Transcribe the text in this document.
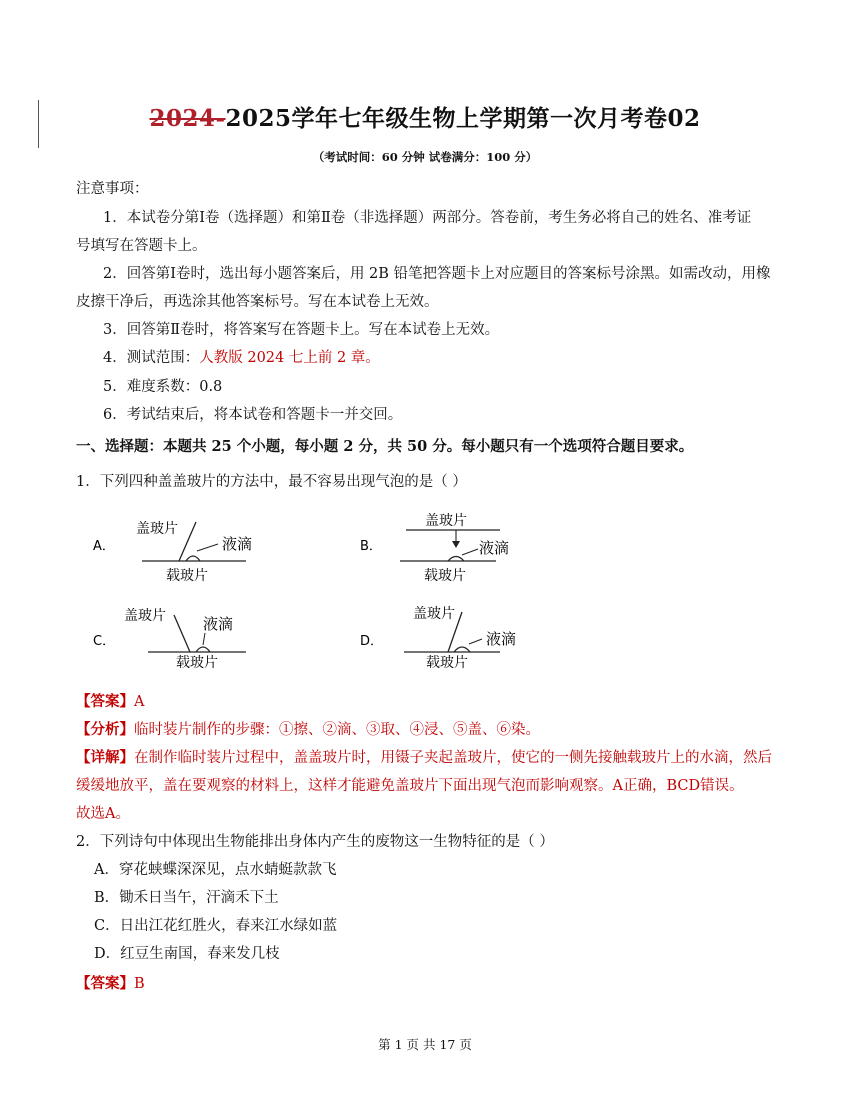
2024-2025学年七年级生物上学期第一次月考卷02
（考试时间：60 分钟 试卷满分：100 分）
注意事项：
1．本试卷分第Ⅰ卷（选择题）和第Ⅱ卷（非选择题）两部分。答卷前，考生务必将自己的姓名、准考证
号填写在答题卡上。
2．回答第Ⅰ卷时，选出每小题答案后，用 2B 铅笔把答题卡上对应题目的答案标号涂黑。如需改动，用橡
皮擦干净后，再选涂其他答案标号。写在本试卷上无效。
3．回答第Ⅱ卷时，将答案写在答题卡上。写在本试卷上无效。
4．测试范围：人教版 2024 七上前 2 章。
5．难度系数：0.8
6．考试结束后，将本试卷和答题卡一并交回。
一、选择题：本题共 25 个小题，每小题 2 分，共 50 分。每小题只有一个选项符合题目要求。
1．下列四种盖盖玻片的方法中，最不容易出现气泡的是（ ）
A．
盖玻片
液滴
载玻片
B．
盖玻片
液滴
载玻片
C．
盖玻片 液滴
载玻片
D．
盖玻片
液滴
载玻片
【答案】A
【分析】临时装片制作的步骤：①擦、②滴、③取、④浸、⑤盖、⑥染。
【详解】在制作临时装片过程中，盖盖玻片时，用镊子夹起盖玻片，使它的一侧先接触载玻片上的水滴，然后
缓缓地放平，盖在要观察的材料上，这样才能避免盖玻片下面出现气泡而影响观察。A正确，BCD错误。
故选A。
2．下列诗句中体现出生物能排出身体内产生的废物这一生物特征的是（ ）
A．穿花蛱蝶深深见，点水蜻蜓款款飞
B．锄禾日当午，汗滴禾下土
C．日出江花红胜火，春来江水绿如蓝
D．红豆生南国，春来发几枝
【答案】B
第 1 页 共 17 页
